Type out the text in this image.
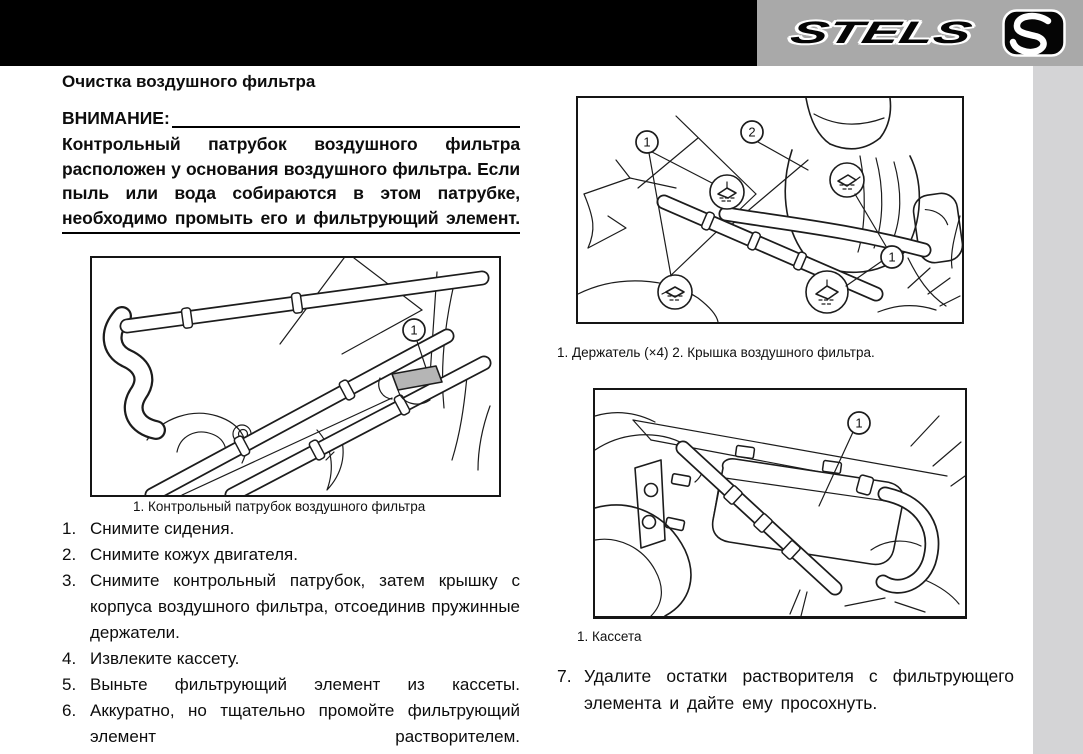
STELS
Очистка воздушного фильтра
ВНИМАНИЕ:
Контрольный патрубок воздушного фильтра
расположен у основания воздушного фильтра. Если
пыль или вода собираются в этом патрубке,
необходимо промыть его и фильтрующий элемент.
1
1. Контрольный патрубок воздушного фильтра
1. Снимите сидения.
2. Снимите кожух двигателя.
3. Снимите контрольный патрубок, затем крышку с корпуса воздушного фильтра, отсоединив пружинные держатели.
4. Извлеките кассету.
5. Выньте фильтрующий элемент из кассеты.
6. Аккуратно, но тщательно промойте фильтрующий элемент растворителем.
1
2
1
1. Держатель (×4) 2. Крышка воздушного фильтра.
1
1. Кассета
7. Удалите остатки растворителя с фильтрующего элемента и дайте ему просохнуть.
